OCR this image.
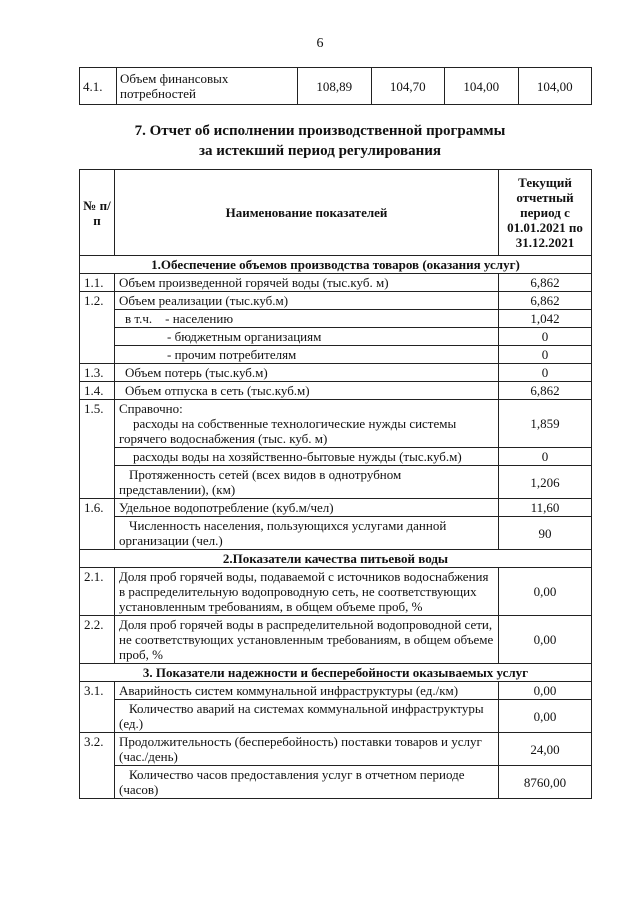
6
4.1.	Объем финансовых потребностей	108,89	104,70	104,00	104,00
7. Отчет об исполнении производственной программы
за истекший период регулирования
№ п/п	Наименование показателей	Текущий отчетный период с 01.01.2021 по 31.12.2021
1.Обеспечение объемов производства товаров (оказания услуг)		
1.1.	Объем произведенной горячей воды (тыс.куб. м)	6,862
1.2.	Объем реализации (тыс.куб.м)	6,862
	в т.ч. - населению	1,042
	- бюджетным организациям	0
	- прочим потребителям	0
1.3.	Объем потерь (тыс.куб.м)	0
1.4.	Объем отпуска в сеть (тыс.куб.м)	6,862
1.5.	Справочно:
расходы на собственные технологические нужды системы горячего водоснабжения (тыс. куб. м)	1,859
	расходы воды на хозяйственно-бытовые нужды (тыс.куб.м)	0
	Протяженность сетей (всех видов в однотрубном представлении), (км)	1,206
1.6.	Удельное водопотребление (куб.м/чел)	11,60
	Численность населения, пользующихся услугами данной организации (чел.)	90
2.Показатели качества питьевой воды		
2.1.	Доля проб горячей воды, подаваемой с источников водоснабжения в распределительную водопроводную сеть, не соответствующих установленным требованиям, в общем объеме проб, %	0,00
2.2.	Доля проб горячей воды в распределительной водопроводной сети, не соответствующих установленным требованиям, в общем объеме проб, %	0,00
3. Показатели надежности и бесперебойности оказываемых услуг		
3.1.	Аварийность систем коммунальной инфраструктуры (ед./км)	0,00
	Количество аварий на системах коммунальной инфраструктуры (ед.)	0,00
3.2.	Продолжительность (бесперебойность) поставки товаров и услуг (час./день)	24,00
	Количество часов предоставления услуг в отчетном периоде (часов)	8760,00
